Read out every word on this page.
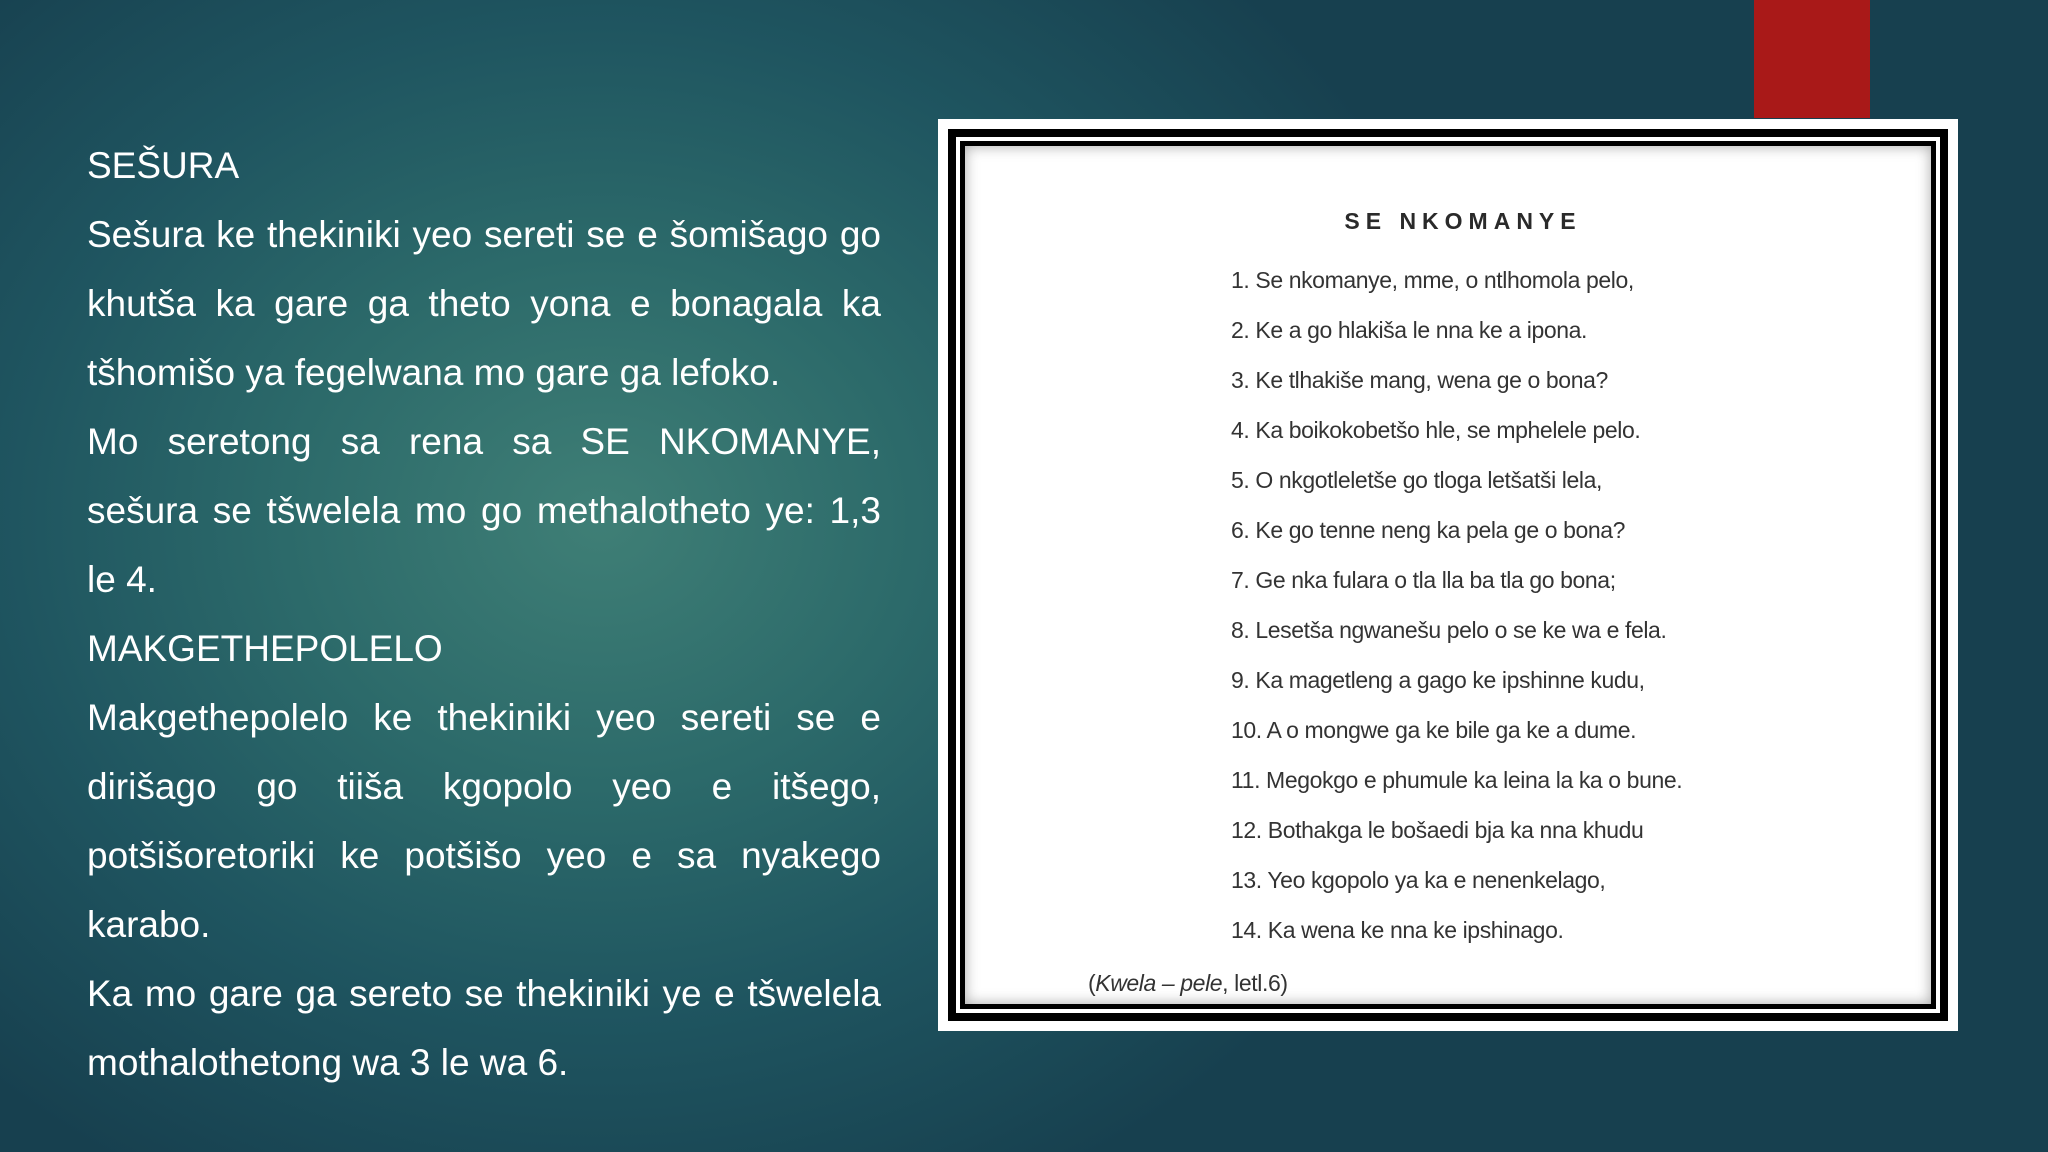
SEŠURA

Sešura ke thekiniki yeo sereti se e šomišago go khutša ka gare ga theto yona e bonagala ka tšhomišo ya fegelwana mo gare ga lefoko.

Mo seretong sa rena sa SE NKOMANYE, sešura se tšwelela mo go methalotheto ye: 1,3 le 4.

MAKGETHEPOLELO

Makgethepolelo ke thekiniki yeo sereti se e dirišago go tiiša kgopolo yeo e itšego, potšišoretoriki ke potšišo yeo e sa nyakego karabo.

Ka mo gare ga sereto se thekiniki ye e tšwelela mothalothetong wa 3 le wa 6.

SE NKOMANYE
1. Se nkomanye, mme, o ntlhomola pelo,
2. Ke a go hlakiša le nna ke a ipona.
3. Ke tlhakiše mang, wena ge o bona?
4. Ka boikokobetšo hle, se mphelele pelo.
5. O nkgotleletše go tloga letšatši lela,
6. Ke go tenne neng ka pela ge o bona?
7. Ge nka fulara o tla lla ba tla go bona;
8. Lesetša ngwanešu pelo o se ke wa e fela.
9. Ka magetleng a gago ke ipshinne kudu,
10. A o mongwe ga ke bile ga ke a dume.
11. Megokgo e phumule ka leina la ka o bune.
12. Bothakga le bošaedi bja ka nna khudu
13. Yeo kgopolo ya ka e nenenkelago,
14. Ka wena ke nna ke ipshinago.
(Kwela – pele, letl.6)
